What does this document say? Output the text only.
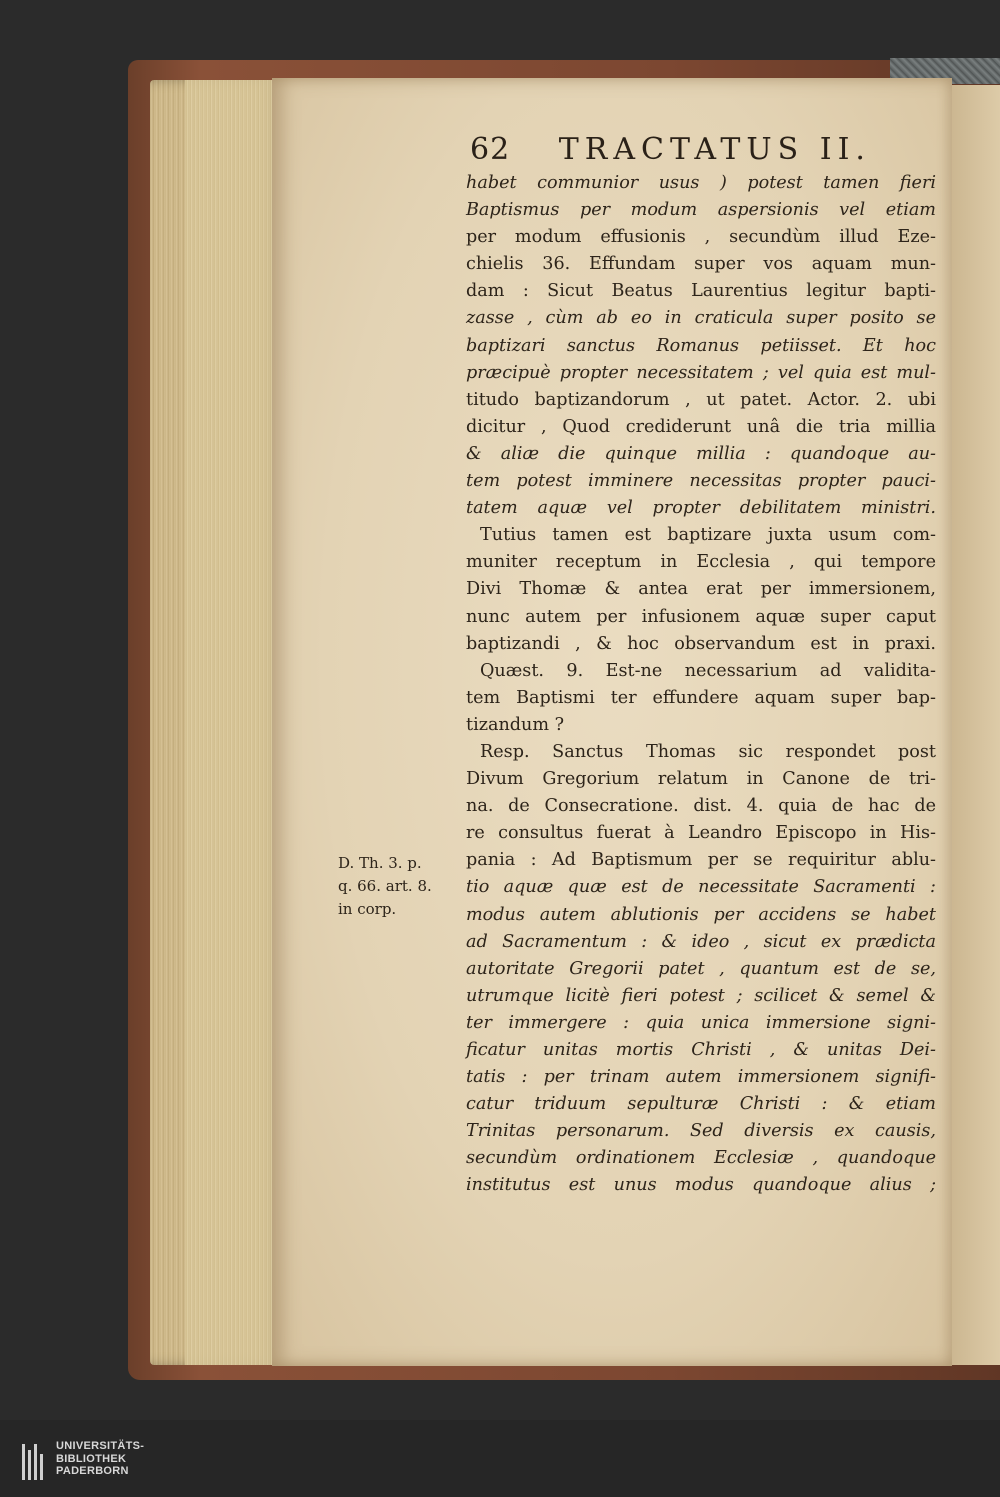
62 TRACTATUS II.
D. Th. 3. p.
q. 66. art. 8.
in corp.
habet communior usus ) potest tamen fieri
Baptismus per modum aspersionis vel etiam
per modum effusionis , secundùm illud Eze-
chielis 36. Effundam super vos aquam mun-
dam : Sicut Beatus Laurentius legitur bapti-
zasse , cùm ab eo in craticula super posito se
baptizari sanctus Romanus petiisset. Et hoc
præcipuè propter necessitatem ; vel quia est mul-
titudo baptizandorum , ut patet. Actor. 2. ubi
dicitur , Quod crediderunt unâ die tria millia
& aliæ die quinque millia : quandoque au-
tem potest imminere necessitas propter pauci-
tatem aquæ vel propter debilitatem ministri.
Tutius tamen est baptizare juxta usum com-
muniter receptum in Ecclesia , qui tempore
Divi Thomæ & antea erat per immersionem,
nunc autem per infusionem aquæ super caput
baptizandi , & hoc observandum est in praxi.
Quæst. 9. Est-ne necessarium ad validita-
tem Baptismi ter effundere aquam super bap-
tizandum ?
Resp. Sanctus Thomas sic respondet post
Divum Gregorium relatum in Canone de tri-
na. de Consecratione. dist. 4. quia de hac de
re consultus fuerat à Leandro Episcopo in His-
pania : Ad Baptismum per se requiritur ablu-
tio aquæ quæ est de necessitate Sacramenti :
modus autem ablutionis per accidens se habet
ad Sacramentum : & ideo , sicut ex prædicta
autoritate Gregorii patet , quantum est de se,
utrumque licitè fieri potest ; scilicet & semel &
ter immergere : quia unica immersione signi-
ficatur unitas mortis Christi , & unitas Dei-
tatis : per trinam autem immersionem signifi-
catur triduum sepulturæ Christi : & etiam
Trinitas personarum. Sed diversis ex causis,
secundùm ordinationem Ecclesiæ , quandoque
institutus est unus modus quandoque alius ;
UNIVERSITÄTS-
BIBLIOTHEK
PADERBORN
